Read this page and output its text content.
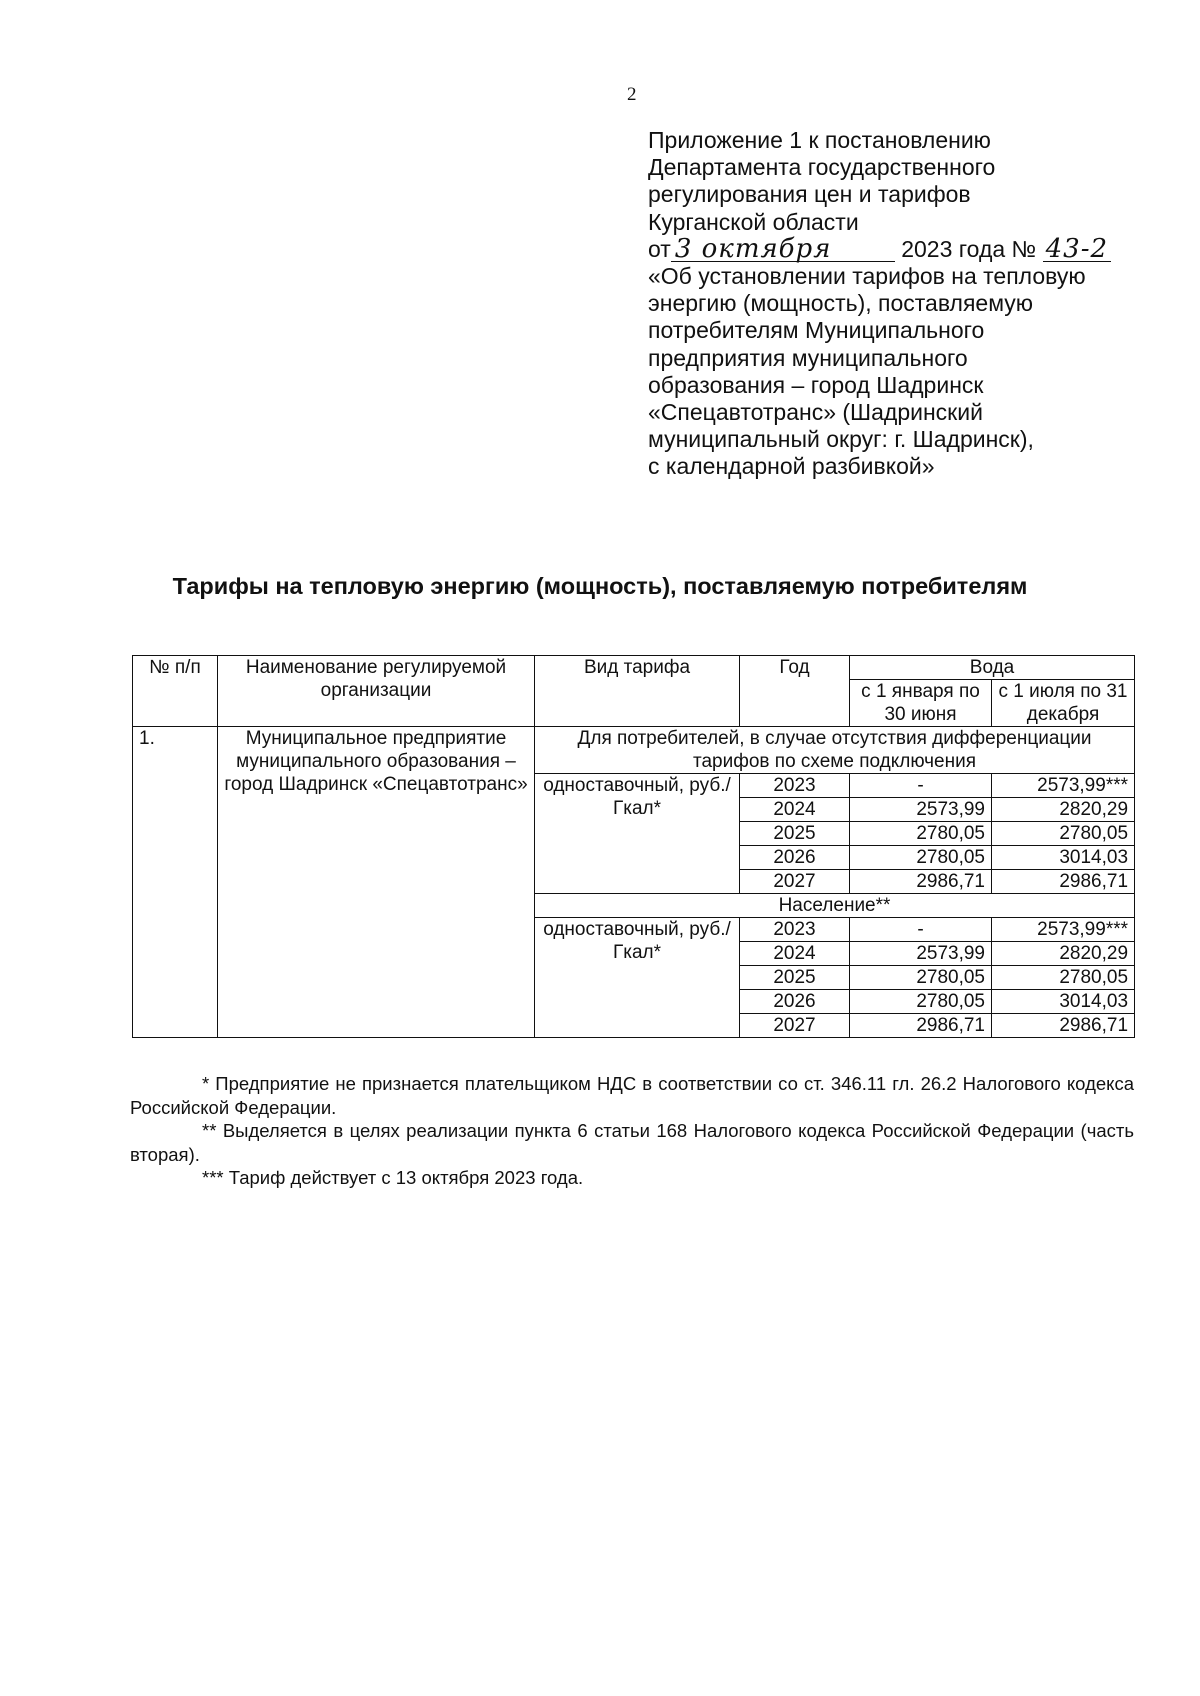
2
Приложение 1 к постановлению
Департамента государственного
регулирования цен и тарифов
Курганской области
от 3 октября	2023 года № 43-2
«Об установлении тарифов на тепловую
энергию (мощность), поставляемую
потребителям Муниципального
предприятия муниципального
образования – город Шадринск
«Спецавтотранс» (Шадринский
муниципальный округ: г. Шадринск),
с календарной разбивкой»
Тарифы на тепловую энергию (мощность), поставляемую потребителям
№ п/п	Наименование регулируемой организации	Вид тарифа	Год	Вода	
				с 1 января по 30 июня	с 1 июля по 31 декабря
1.	Муниципальное предприятие муниципального образования – город Шадринск «Спецавтотранс»	Для потребителей, в случае отсутствия дифференциации тарифов по схеме подключения			
		одноставочный, руб./Гкал*	2023	-	2573,99***
			2024	2573,99	2820,29
			2025	2780,05	2780,05
			2026	2780,05	3014,03
			2027	2986,71	2986,71
		Население**			
		одноставочный, руб./Гкал*	2023	-	2573,99***
			2024	2573,99	2820,29
			2025	2780,05	2780,05
			2026	2780,05	3014,03
			2027	2986,71	2986,71
* Предприятие не признается плательщиком НДС в соответствии со ст. 346.11 гл. 26.2 Налогового кодекса Российской Федерации.
** Выделяется в целях реализации пункта 6 статьи 168 Налогового кодекса Российской Федерации (часть вторая).
*** Тариф действует с 13 октября 2023 года.
